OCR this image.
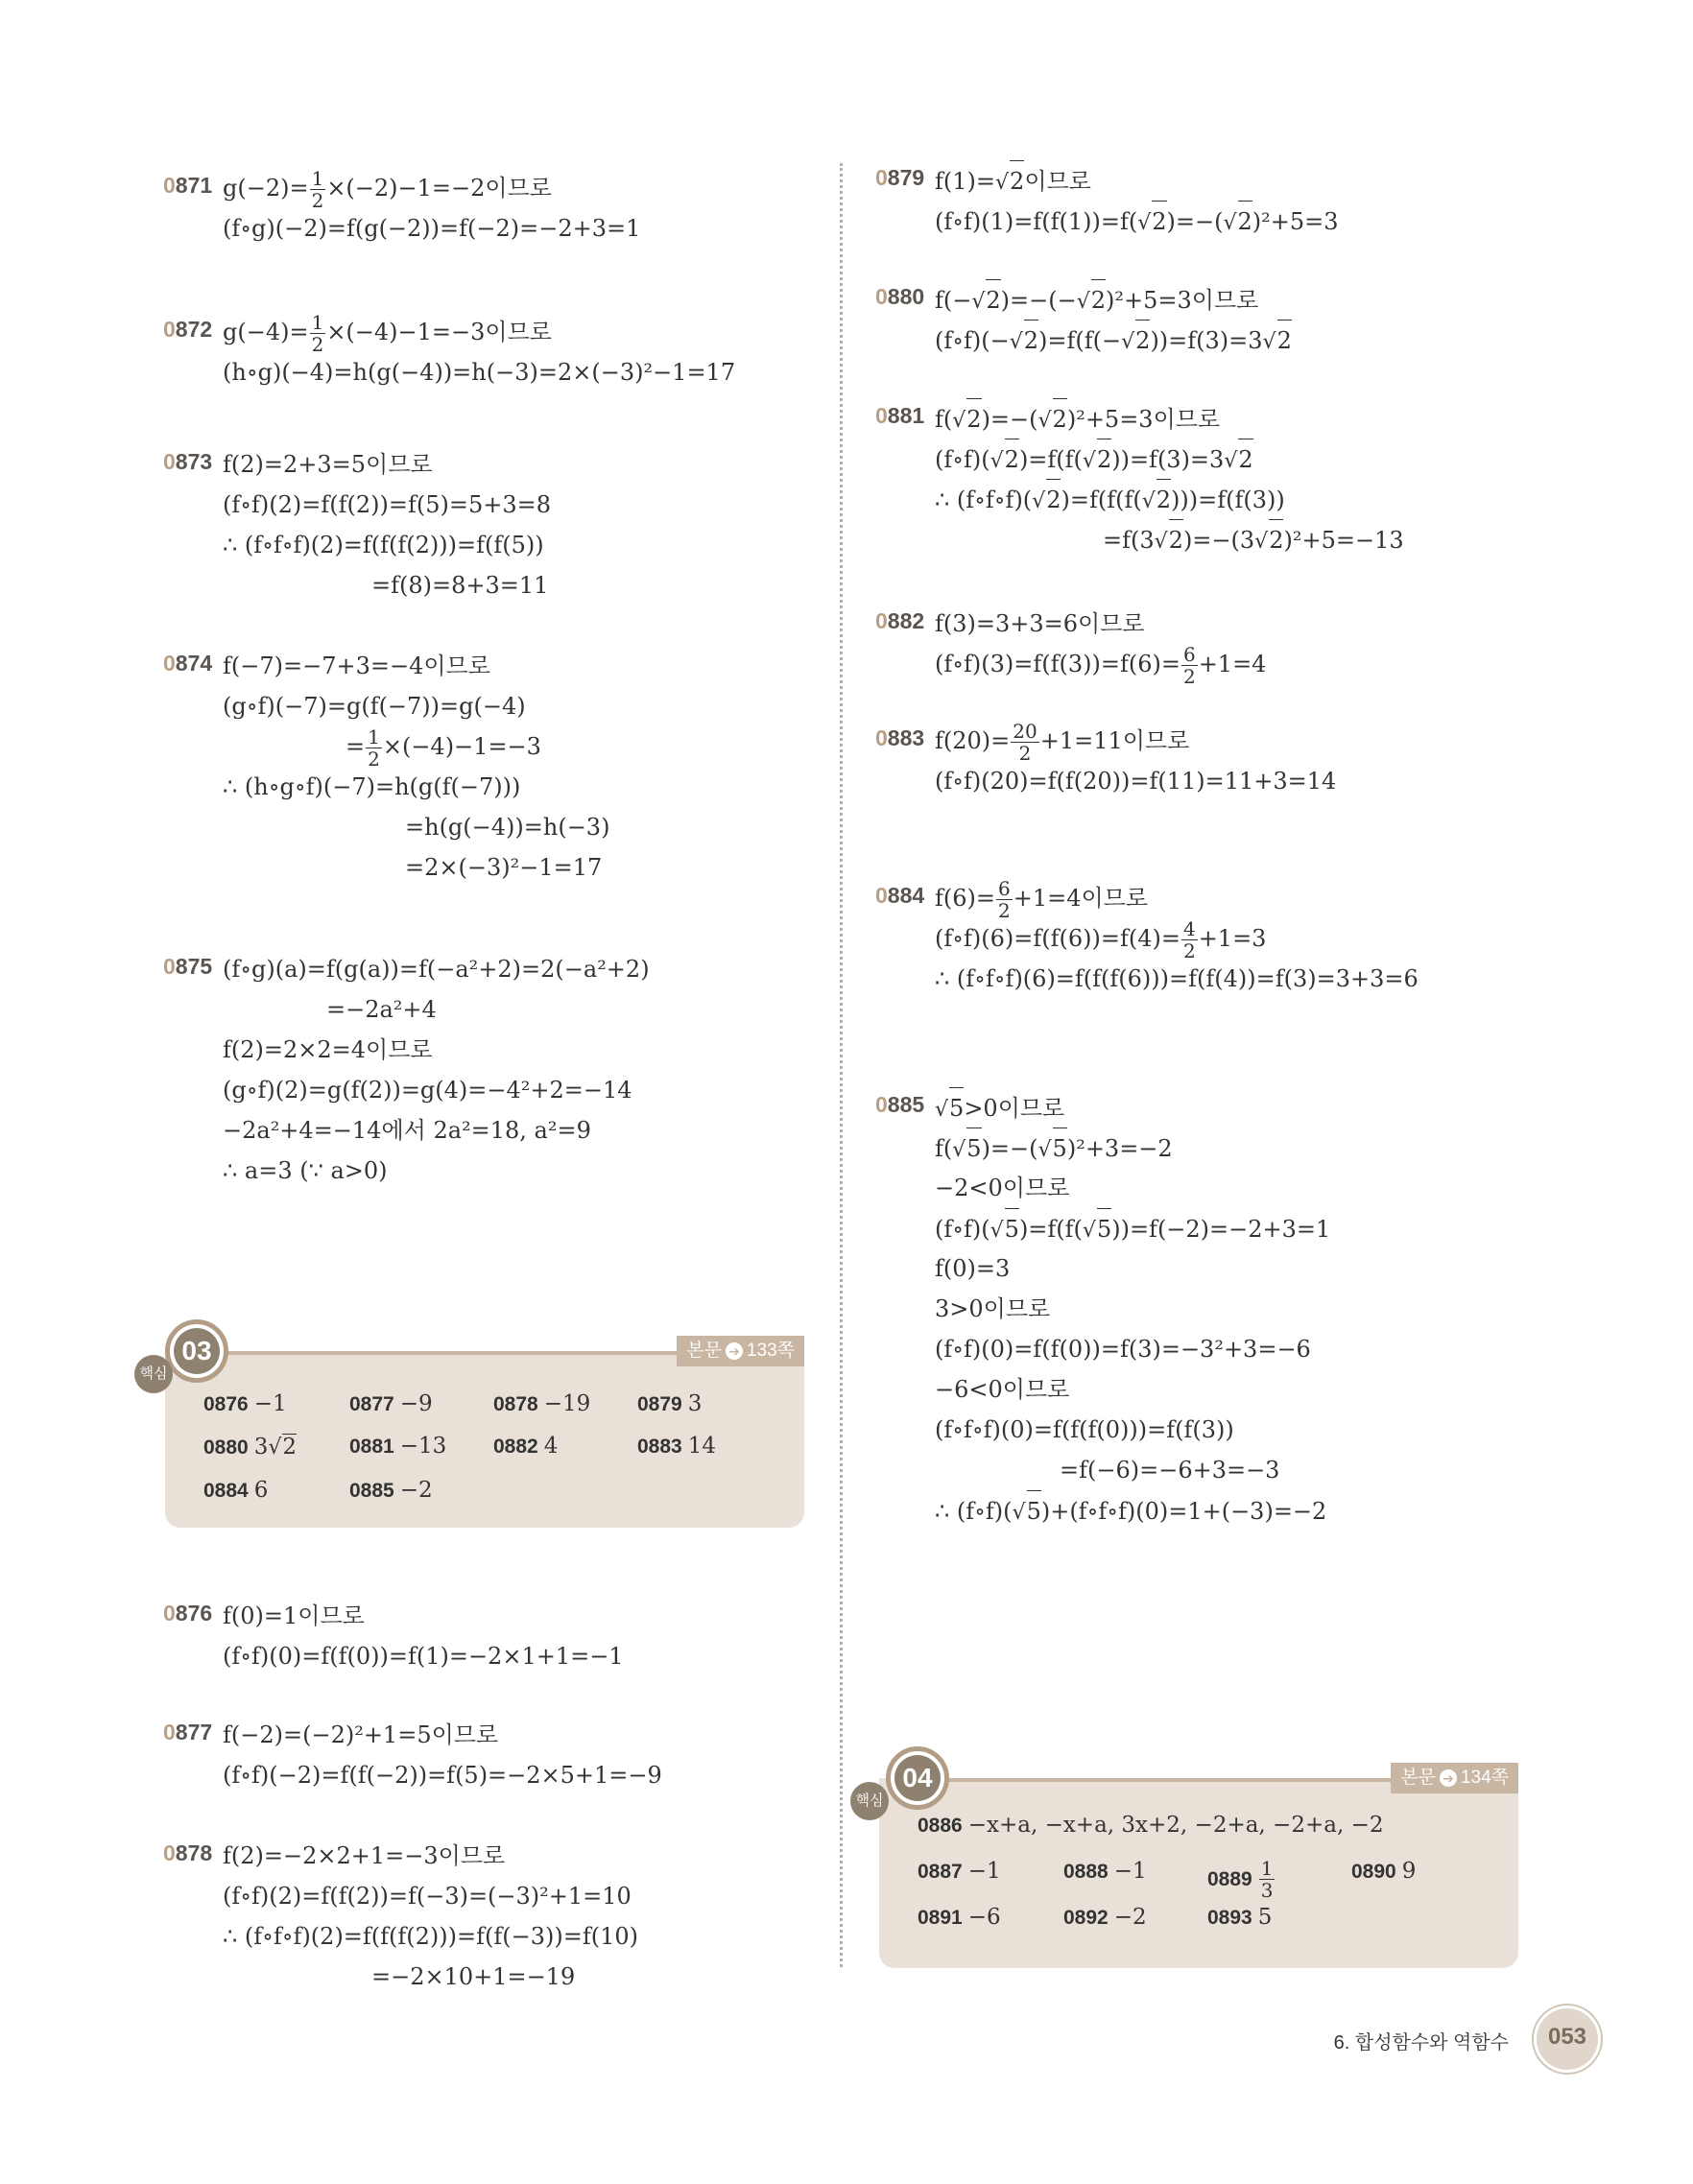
0871 $g(-2)= \frac{1}{2} \times(-2)-1=-2$이므로
(f∘g)(−2)=f(g(−2))=f(−2)=−2+3=1
0872 $g(-4)= \frac{1}{2} \times(-4)-1=-3$이므로
(h∘g)(−4)=h(g(−4))=h(−3)=2×(−3)²−1=17
0873 f(2)=2+3=5이므로
(f∘f)(2)=f(f(2))=f(5)=5+3=8
∴ (f∘f∘f)(2)=f(f(f(2)))=f(f(5))
=f(8)=8+3=11
0874 f(−7)=−7+3=−4이므로
(g∘f)(−7)=g(f(−7))=g(−4)
= $\frac{1}{2} \times(-4)-1=-3$
∴ (h∘g∘f)(−7)=h(g(f(−7)))
=h(g(−4))=h(−3)
=2×(−3)²−1=17
0875 (f∘g)(a)=f(g(a))=f(−a²+2)=2(−a²+2)
=−2a²+4
f(2)=2×2=4이므로
(g∘f)(2)=g(f(2))=g(4)=−4²+2=−14
−2a²+4=−14에서 2a²=18, a²=9
∴ a=3 (∵ a>0)
0876 f(0)=1이므로
(f∘f)(0)=f(f(0))=f(1)=−2×1+1=−1
0877 f(−2)=(−2)²+1=5이므로
(f∘f)(−2)=f(f(−2))=f(5)=−2×5+1=−9
0878 f(2)=−2×2+1=−3이므로
(f∘f)(2)=f(f(2))=f(−3)=(−3)²+1=10
∴ (f∘f∘f)(2)=f(f(f(2)))=f(f(−3))=f(10)
=−2×10+1=−19
0879 f(1)=√2이므로
(f∘f)(1)=f(f(1))=f(√2)=−(√2)²+5=3
0880 f(−√2)=−(−√2)²+5=3이므로
(f∘f)(−√2)=f(f(−√2))=f(3)=3√2
0881 f(√2)=−(√2)²+5=3이므로
(f∘f)(√2)=f(f(√2))=f(3)=3√2
∴ (f∘f∘f)(√2)=f(f(f(√2)))=f(f(3))
=f(3√2)=−(3√2)²+5=−13
0882 f(3)=3+3=6이므로
(f∘f)(3)=f(f(3))=f(6)= $\frac{6}{2} +1=4$
0883 $f(20)= \frac{20}{2} +1=11$이므로
(f∘f)(20)=f(f(20))=f(11)=11+3=14
0884 $f(6)= \frac{6}{2} +1=4$이므로
(f∘f)(6)=f(f(6))=f(4)= $\frac{4}{2} +1=3$
∴ (f∘f∘f)(6)=f(f(f(6)))=f(f(4))=f(3)=3+3=6
0885 √5>0이므로
f(√5)=−(√5)²+3=−2
−2<0이므로
(f∘f)(√5)=f(f(√5))=f(−2)=−2+3=1
f(0)=3
3>0이므로
(f∘f)(0)=f(f(0))=f(3)=−3²+3=−6
−6<0이므로
(f∘f∘f)(0)=f(f(f(0)))=f(f(3))
=f(−6)=−6+3=−3
∴ (f∘f)(√5)+(f∘f∘f)(0)=1+(−3)=−2
본문 ➔ 133쪽
0876 −1	0877 −9	0878 −19 0879 3
0880 3√2	0881 −13 0882 4	0883 14
0884 6	0885 −2
03
핵심
본문 ➔ 134쪽
0886 −x+a, −x+a, 3x+2, −2+a, −2+a, −2
0887 −1	0888 −1	$0889 \frac{1}{3}$	0890 9
0891 −6	0892 −2	0893 5
04
핵심
6. 합성함수와 역함수	053
